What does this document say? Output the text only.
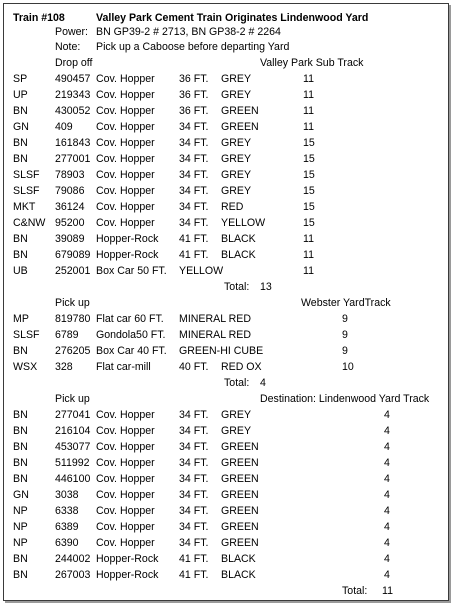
Train #108	Valley Park Cement Train Originates Lindenwood Yard
Power: BN GP39-2 # 2713, BN GP38-2 # 2264
Note: Pick up a Caboose before departing Yard
Drop off	Valley Park Sub Track
SP	490457 Cov. Hopper 36 FT. GREY	11
UP	219343 Cov. Hopper 36 FT. GREY	11
BN	430052 Cov. Hopper 36 FT. GREEN	11
GN 409 Cov. Hopper 34 FT. GREEN	11
BN	161843 Cov. Hopper 34 FT. GREY	15
BN	277001 Cov. Hopper 34 FT. GREY	15
SLSF 78903 Cov. Hopper 34 FT. GREY	15
SLSF 79086 Cov. Hopper 34 FT. GREY	15
MKT 36124 Cov. Hopper 34 FT. RED	15
C&NW 95200 Cov. Hopper 34 FT. YELLOW	15
BN	39089 Hopper-Rock 41 FT. BLACK	11
BN	679089 Hopper-Rock 41 FT. BLACK	11
UB	252001 Box Car 50 FT. YELLOW	11
Total: 13
Pick up	Webster YardTrack
MP 819780 Flat car 60 FT. MINERAL RED	9
SLSF 6789 Gondola50 FT. MINERAL RED	9
BN	276205 Box Car 40 FT. GREEN-HI CUBE	9
WSX 328 Flat car-mill	40 FT. RED OX	10
Total: 4
Pick up	Destination: Lindenwood Yard Track
BN	277041 Cov. Hopper 34 FT. GREY	4
BN	216104 Cov. Hopper 34 FT. GREY	4
BN	453077 Cov. Hopper 34 FT. GREEN	4
BN	511992 Cov. Hopper 34 FT. GREEN	4
BN	446100 Cov. Hopper 34 FT. GREEN	4
GN 3038 Cov. Hopper 34 FT. GREEN	4
NP	6338 Cov. Hopper 34 FT. GREEN	4
NP	6389 Cov. Hopper 34 FT. GREEN	4
NP	6390 Cov. Hopper 34 FT. GREEN	4
BN	244002 Hopper-Rock 41 FT. BLACK	4
BN	267003 Hopper-Rock 41 FT. BLACK	4
Total: 11
